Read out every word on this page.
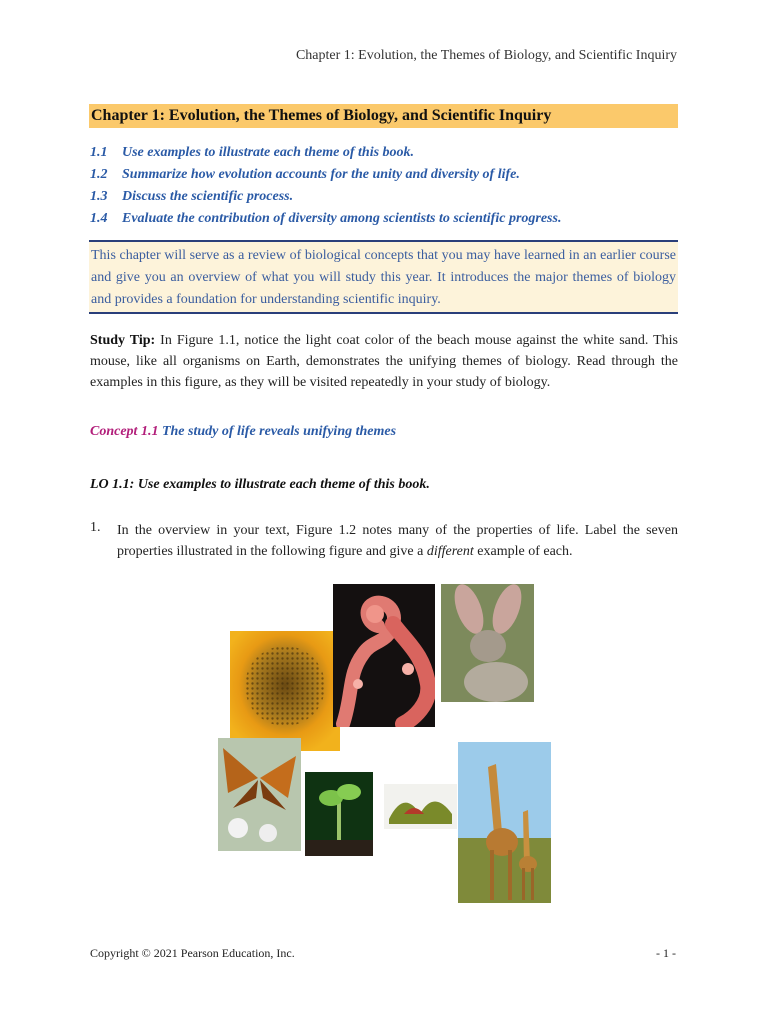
Chapter 1: Evolution, the Themes of Biology, and Scientific Inquiry
Chapter 1: Evolution, the Themes of Biology, and Scientific Inquiry
1.1 Use examples to illustrate each theme of this book.
1.2 Summarize how evolution accounts for the unity and diversity of life.
1.3 Discuss the scientific process.
1.4 Evaluate the contribution of diversity among scientists to scientific progress.
This chapter will serve as a review of biological concepts that you may have learned in an earlier course and give you an overview of what you will study this year. It introduces the major themes of biology and provides a foundation for understanding scientific inquiry.
Study Tip: In Figure 1.1, notice the light coat color of the beach mouse against the white sand. This mouse, like all organisms on Earth, demonstrates the unifying themes of biology. Read through the examples in this figure, as they will be visited repeatedly in your study of biology.
Concept 1.1 The study of life reveals unifying themes
LO 1.1: Use examples to illustrate each theme of this book.
1. In the overview in your text, Figure 1.2 notes many of the properties of life. Label the seven properties illustrated in the following figure and give a different example of each.
Copyright © 2021 Pearson Education, Inc.	- 1 -
